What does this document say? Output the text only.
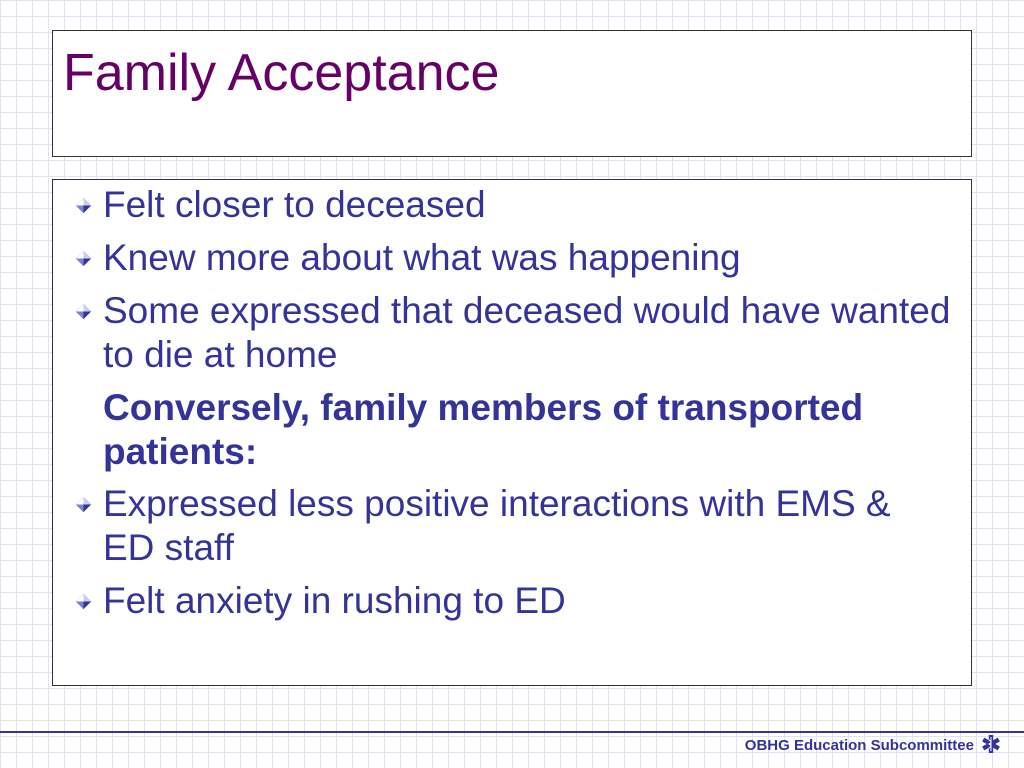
Family Acceptance
Felt closer to deceased
Knew more about what was happening
Some expressed that deceased would have wanted to die at home
Conversely, family members of transported patients:
Expressed less positive interactions with EMS & ED staff
Felt anxiety in rushing to ED
OBHG Education Subcommittee
